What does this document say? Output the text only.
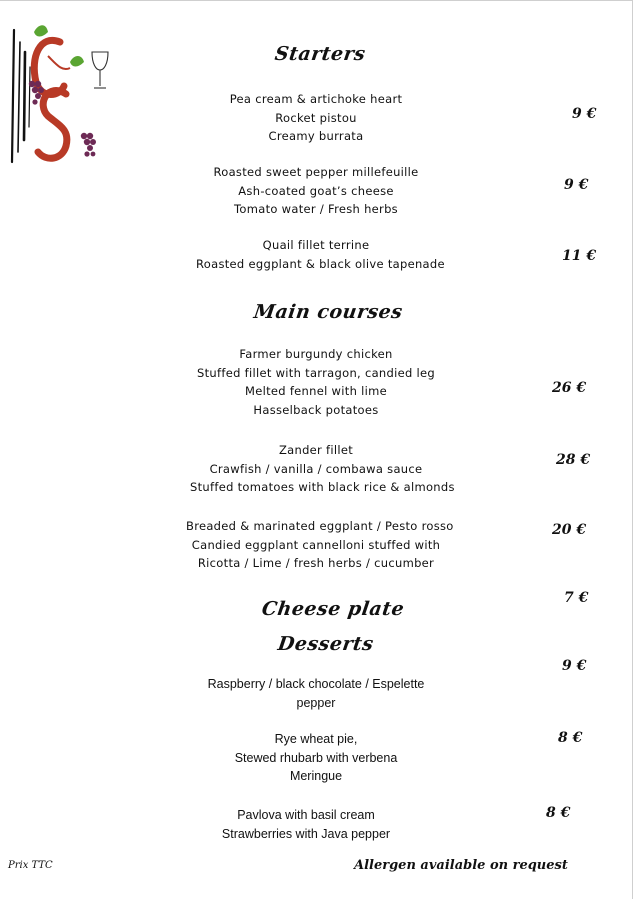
Starters
Pea cream & artichoke heart
Rocket pistou
Creamy burrata
9 €
Roasted sweet pepper millefeuille
Ash-coated goat’s cheese
Tomato water / Fresh herbs
9 €
Quail fillet terrine
Roasted eggplant & black olive tapenade	11 €
Main courses
Farmer burgundy chicken
Stuffed fillet with tarragon, candied leg
Melted fennel with lime
Hasselback potatoes
26 €
Zander fillet
Crawfish / vanilla / combawa sauce
Stuffed tomatoes with black rice & almonds
28 €
Breaded & marinated eggplant / Pesto rosso
Candied eggplant cannelloni stuffed with
Ricotta / Lime / fresh herbs / cucumber
20 €
Cheese plate	7 €
Desserts
Raspberry / black chocolate / Espelette
pepper
9 €
Rye wheat pie,
Stewed rhubarb with verbena
Meringue
8 €
Pavlova with basil cream
Strawberries with Java pepper
8 €
Prix TTC	Allergen available on request
